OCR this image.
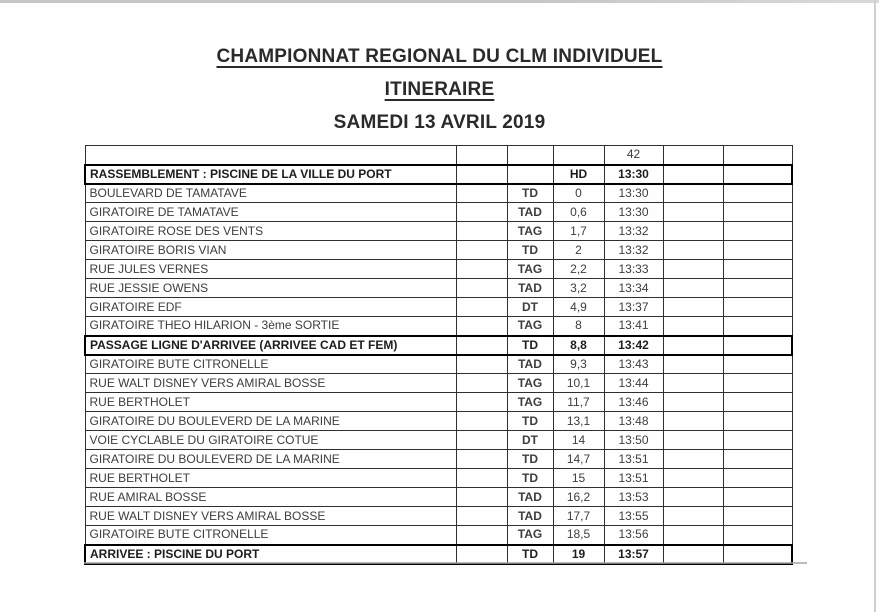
CHAMPIONNAT REGIONAL DU CLM INDIVIDUEL
ITINERAIRE
SAMEDI 13 AVRIL 2019
				42		
RASSEMBLEMENT : PISCINE DE LA VILLE DU PORT			HD	13:30		
BOULEVARD DE TAMATAVE		TD	0	13:30		
GIRATOIRE DE TAMATAVE		TAD	0,6	13:30		
GIRATOIRE ROSE DES VENTS		TAG	1,7	13:32		
GIRATOIRE BORIS VIAN		TD	2	13:32		
RUE JULES VERNES		TAG	2,2	13:33		
RUE JESSIE OWENS		TAD	3,2	13:34		
GIRATOIRE EDF		DT	4,9	13:37		
GIRATOIRE THEO HILARION - 3ème SORTIE		TAG	8	13:41		
PASSAGE LIGNE D'ARRIVEE (ARRIVEE CAD ET FEM)		TD	8,8	13:42		
GIRATOIRE BUTE CITRONELLE		TAD	9,3	13:43		
RUE WALT DISNEY VERS AMIRAL BOSSE		TAG	10,1	13:44		
RUE BERTHOLET		TAG	11,7	13:46		
GIRATOIRE DU BOULEVERD DE LA MARINE		TD	13,1	13:48		
VOIE CYCLABLE DU GIRATOIRE COTUE		DT	14	13:50		
GIRATOIRE DU BOULEVERD DE LA MARINE		TD	14,7	13:51		
RUE BERTHOLET		TD	15	13:51		
RUE AMIRAL BOSSE		TAD	16,2	13:53		
RUE WALT DISNEY VERS AMIRAL BOSSE		TAD	17,7	13:55		
GIRATOIRE BUTE CITRONELLE		TAG	18,5	13:56		
ARRIVEE : PISCINE DU PORT		TD	19	13:57		
